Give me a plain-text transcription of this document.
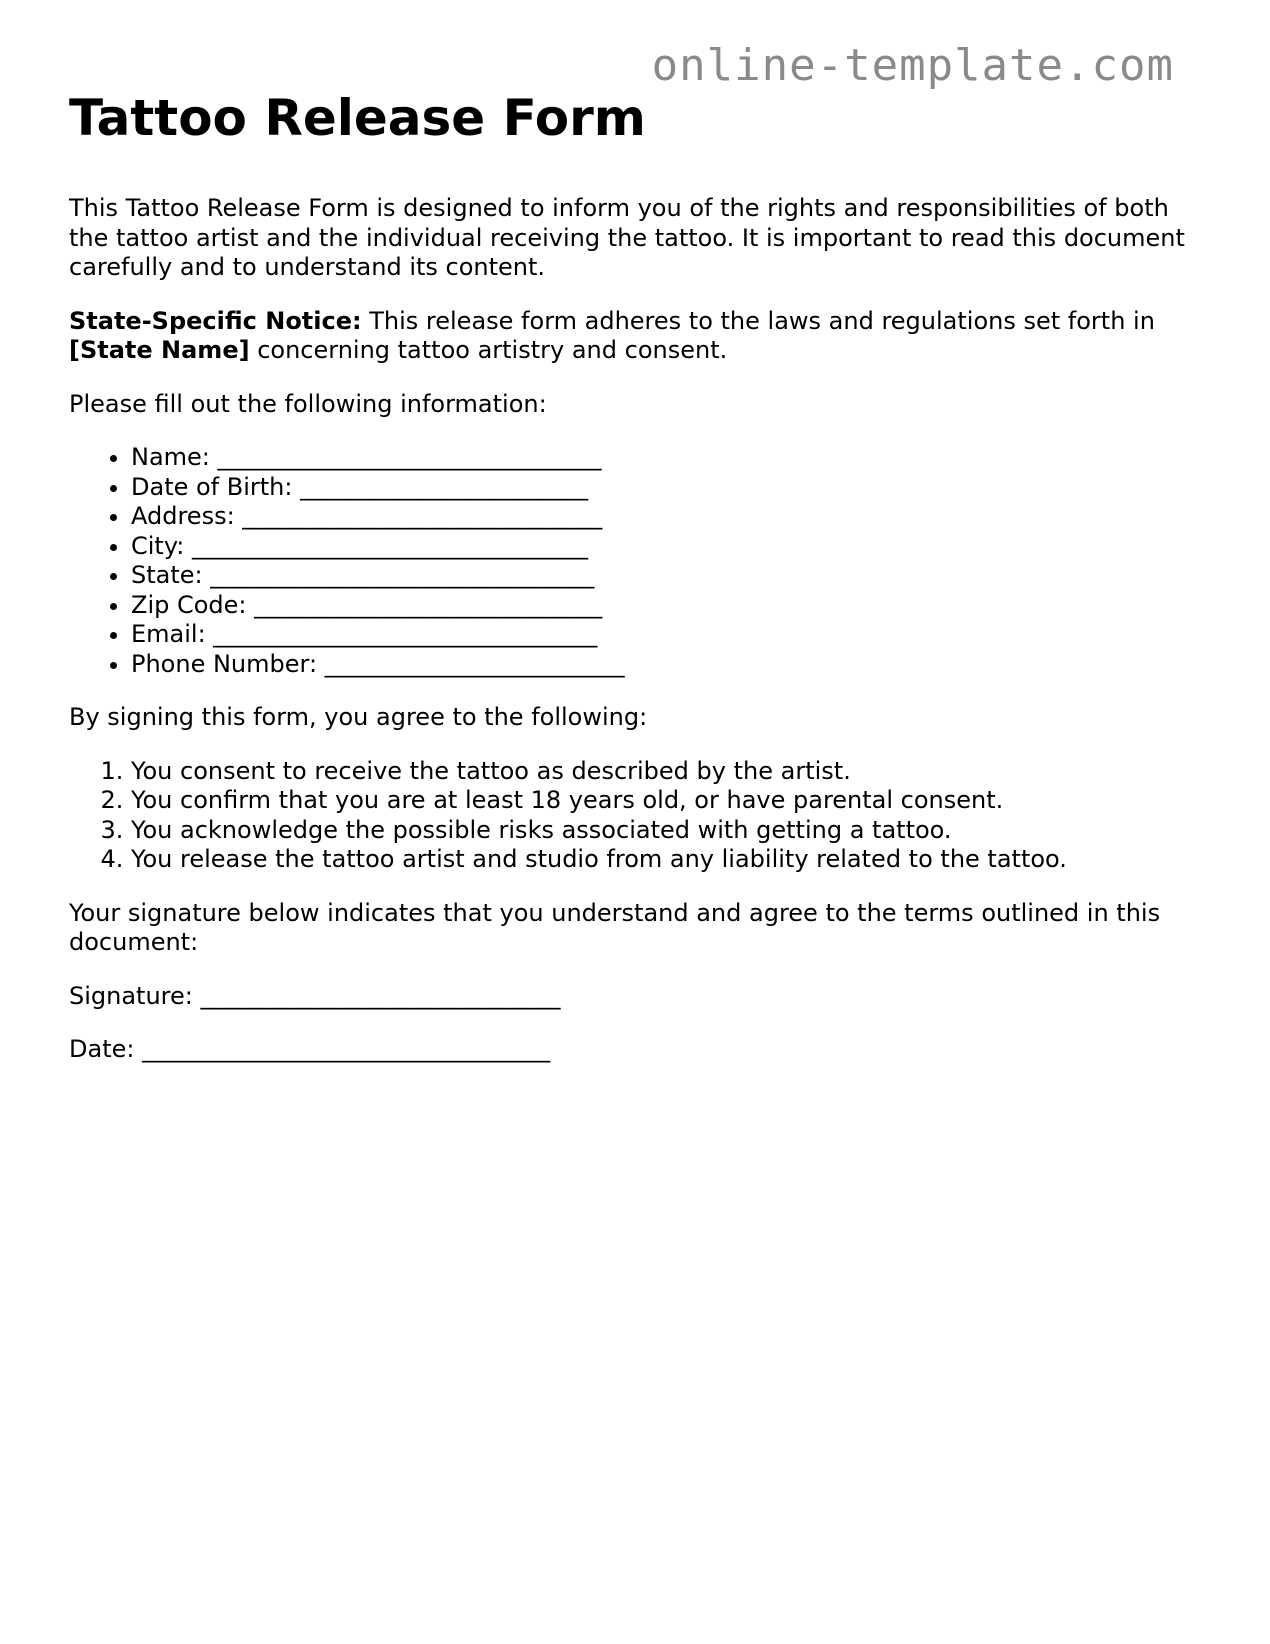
online-template.com
Tattoo Release Form

This Tattoo Release Form is designed to inform you of the rights and responsibilities of both the tattoo artist and the individual receiving the tattoo. It is important to read this document carefully and to understand its content.

State-Specific Notice: This release form adheres to the laws and regulations set forth in [State Name] concerning tattoo artistry and consent.

Please fill out the following information:

• Name: ________________________________
• Date of Birth: ________________________
• Address: ______________________________
• City: _________________________________
• State: ________________________________
• Zip Code: _____________________________
• Email: ________________________________
• Phone Number: _________________________

By signing this form, you agree to the following:

1. You consent to receive the tattoo as described by the artist.
2. You confirm that you are at least 18 years old, or have parental consent.
3. You acknowledge the possible risks associated with getting a tattoo.
4. You release the tattoo artist and studio from any liability related to the tattoo.

Your signature below indicates that you understand and agree to the terms outlined in this document:

Signature: ______________________________

Date: __________________________________
